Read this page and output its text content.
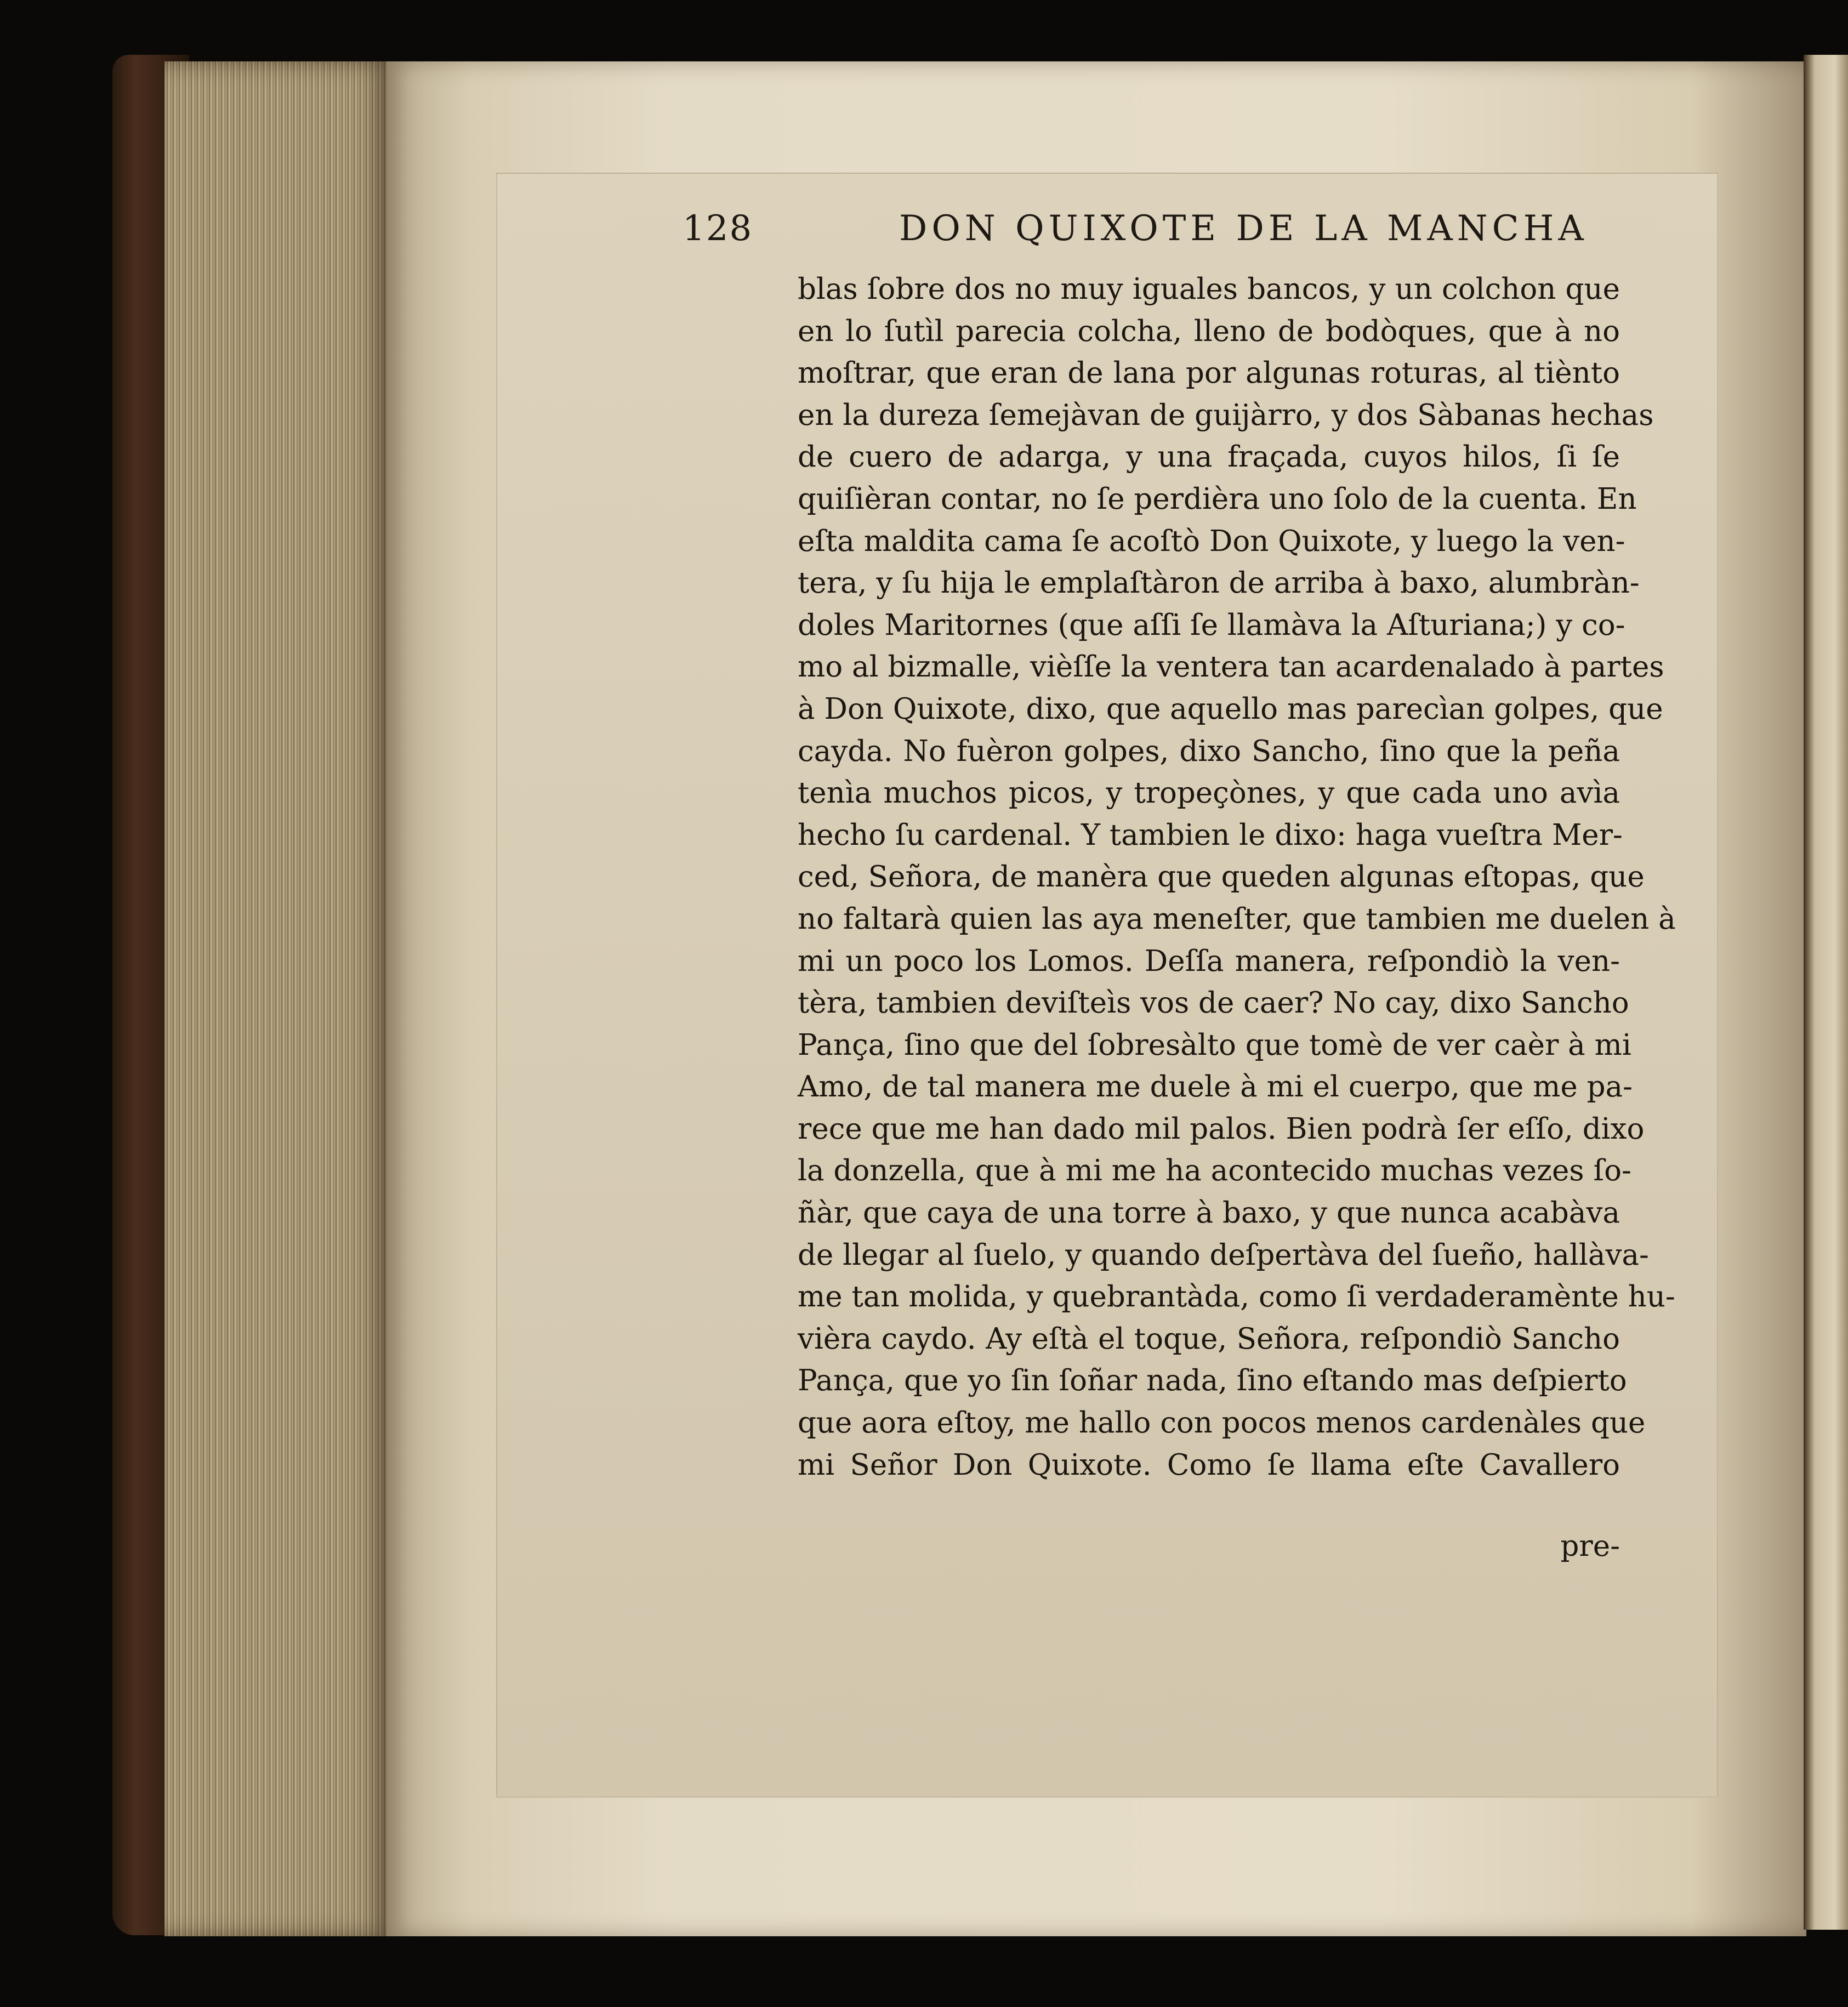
128	DON QUIXOTE DE LA MANCHA
blas ſobre dos no muy iguales bancos, y un colchon que
en lo ſutìl parecia colcha, lleno de bodòques, que à no
moſtrar, que eran de lana por algunas roturas, al tiènto
en la dureza ſemejàvan de guijàrro, y dos Sàbanas hechas
de cuero de adarga, y una fraçada, cuyos hilos, ſi ſe
quiſièran contar, no ſe perdièra uno ſolo de la cuenta. En
eſta maldita cama ſe acoſtò Don Quixote, y luego la ven-
tera, y ſu hija le emplaſtàron de arriba à baxo, alumbràn-
doles Maritornes (que aſſi ſe llamàva la Aſturiana;) y co-
mo al bizmalle, vièſſe la ventera tan acardenalado à partes
à Don Quixote, dixo, que aquello mas parecìan golpes, que
cayda. No fuèron golpes, dixo Sancho, ſino que la peña
tenìa muchos picos, y tropeçònes, y que cada uno avìa
hecho ſu cardenal. Y tambien le dixo: haga vueſtra Mer-
ced, Señora, de manèra que queden algunas eſtopas, que
no faltarà quien las aya meneſter, que tambien me duelen à
mi un poco los Lomos. Deſſa manera, reſpondiò la ven-
tèra, tambien deviſteìs vos de caer? No cay, dixo Sancho
Pança, ſino que del ſobresàlto que tomè de ver caèr à mi
Amo, de tal manera me duele à mi el cuerpo, que me pa-
rece que me han dado mil palos. Bien podrà ſer eſſo, dixo
la donzella, que à mi me ha acontecido muchas vezes ſo-
ñàr, que caya de una torre à baxo, y que nunca acabàva
de llegar al ſuelo, y quando deſpertàva del ſueño, hallàva-
me tan molida, y quebrantàda, como ſi verdaderamènte hu-
vièra caydo. Ay eſtà el toque, Señora, reſpondiò Sancho
Pança, que yo ſin ſoñar nada, ſino eſtando mas deſpierto
que aora eſtoy, me hallo con pocos menos cardenàles que
mi Señor Don Quixote. Como ſe llama eſte Cavallero
pre-
